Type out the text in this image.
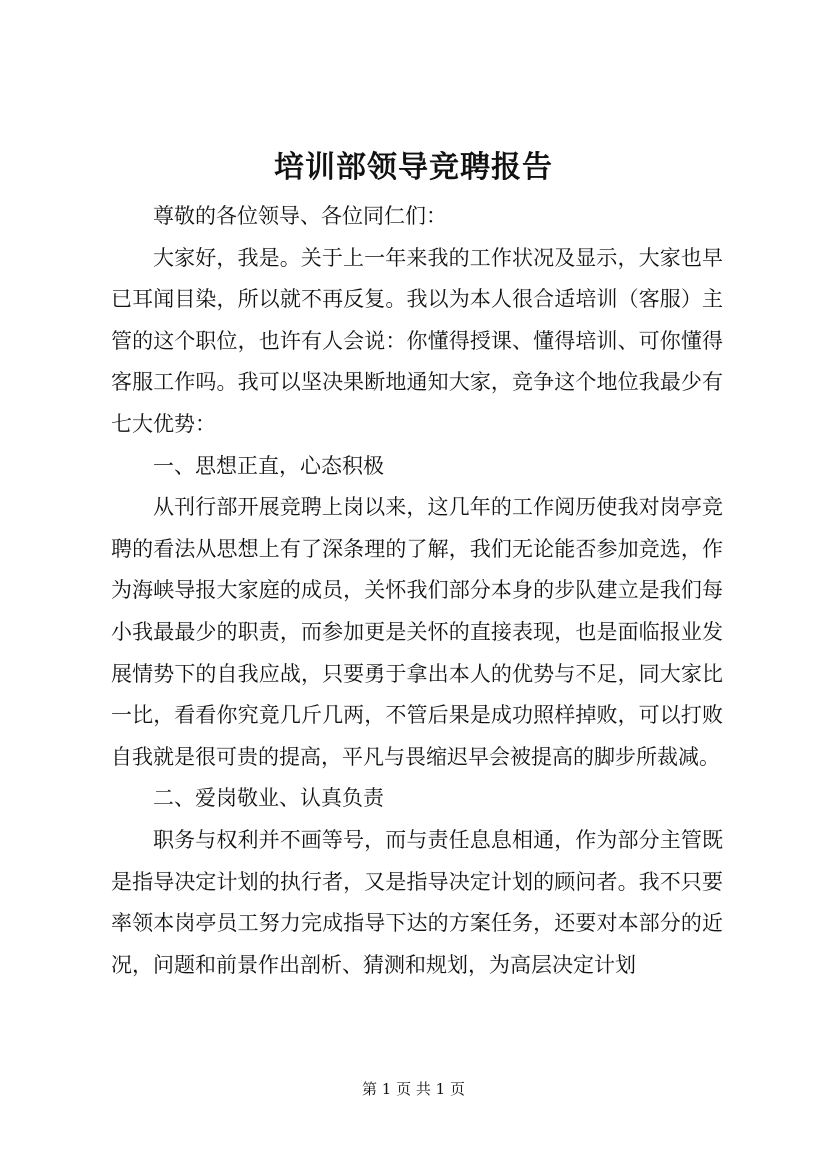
培训部领导竞聘报告

尊敬的各位领导、各位同仁们：

大家好，我是。关于上一年来我的工作状况及显示，大家也早已耳闻目染，所以就不再反复。我以为本人很合适培训（客服）主管的这个职位，也许有人会说：你懂得授课、懂得培训、可你懂得客服工作吗。我可以坚决果断地通知大家，竞争这个地位我最少有七大优势：

一、思想正直，心态积极

从刊行部开展竞聘上岗以来，这几年的工作阅历使我对岗亭竞聘的看法从思想上有了深条理的了解，我们无论能否参加竞选，作为海峡导报大家庭的成员，关怀我们部分本身的步队建立是我们每小我最最少的职责，而参加更是关怀的直接表现，也是面临报业发展情势下的自我应战，只要勇于拿出本人的优势与不足，同大家比一比，看看你究竟几斤几两，不管后果是成功照样掉败，可以打败自我就是很可贵的提高，平凡与畏缩迟早会被提高的脚步所裁减。

二、爱岗敬业、认真负责

职务与权利并不画等号，而与责任息息相通，作为部分主管既是指导决定计划的执行者，又是指导决定计划的顾问者。我不只要率领本岗亭员工努力完成指导下达的方案任务，还要对本部分的近况，问题和前景作出剖析、猜测和规划，为高层决定计划

第 1 页 共 1 页
